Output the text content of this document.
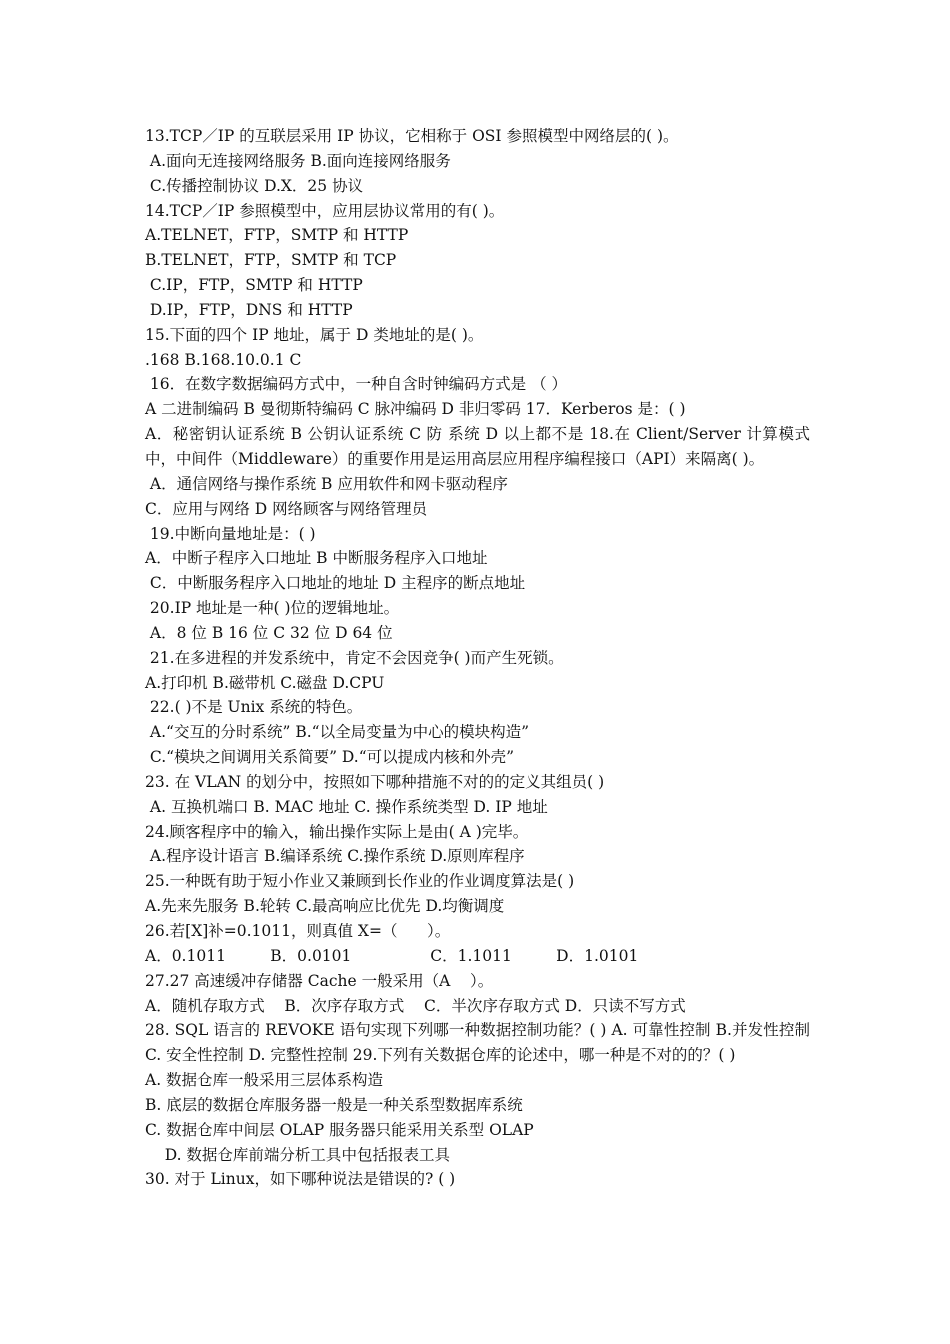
13.TCP／IP 的互联层采用 IP 协议，它相称于 OSI 参照模型中网络层的( )。
A.面向无连接网络服务 B.面向连接网络服务
C.传播控制协议 D.X．25 协议
14.TCP／IP 参照模型中，应用层协议常用的有( )。
A.TELNET，FTP，SMTP 和 HTTP
B.TELNET，FTP，SMTP 和 TCP
C.IP，FTP，SMTP 和 HTTP
D.IP，FTP，DNS 和 HTTP
15.下面的四个 IP 地址，属于 D 类地址的是( )。
.168 B.168.10.0.1 C
16．在数字数据编码方式中，一种自含时钟编码方式是 （ ）
A 二进制编码 B 曼彻斯特编码 C 脉冲编码 D 非归零码 17．Kerberos 是：( )
A．秘密钥认证系统 B 公钥认证系统 C 防 系统 D 以上都不是 18.在 Client/Server 计算模式中，中间件（Middleware）的重要作用是运用高层应用程序编程接口（API）来隔离( )。
A．通信网络与操作系统 B 应用软件和网卡驱动程序
C．应用与网络 D 网络顾客与网络管理员
19.中断向量地址是：( )
A．中断子程序入口地址 B 中断服务程序入口地址
C．中断服务程序入口地址的地址 D 主程序的断点地址
20.IP 地址是一种( )位的逻辑地址。
A．8 位 B 16 位 C 32 位 D 64 位
21.在多进程的并发系统中，肯定不会因竞争( )而产生死锁。
A.打印机 B.磁带机 C.磁盘 D.CPU
22.( )不是 Unix 系统的特色。
A.“交互的分时系统” B.“以全局变量为中心的模块构造”
C.“模块之间调用关系简要” D.“可以提成内核和外壳”
23. 在 VLAN 的划分中，按照如下哪种措施不对的的定义其组员( )
A. 互换机端口 B. MAC 地址 C. 操作系统类型 D. IP 地址
24.顾客程序中的输入，输出操作实际上是由( A )完毕。
A.程序设计语言 B.编译系统 C.操作系统 D.原则库程序
25.一种既有助于短小作业又兼顾到长作业的作业调度算法是( )
A.先来先服务 B.轮转 C.最高响应比优先 D.均衡调度
26.若[X]补=0.1011，则真值 X=（      ）。
A．0.1011         B．0.0101                C．1.1011         D．1.0101
27.27 高速缓冲存储器 Cache 一般采用（A    ）。
A．随机存取方式    B．次序存取方式    C．半次序存取方式 D．只读不写方式
28. SQL 语言的 REVOKE 语句实现下列哪一种数据控制功能？( ) A. 可靠性控制 B.并发性控制 C. 安全性控制 D. 完整性控制 29.下列有关数据仓库的论述中，哪一种是不对的的？( )
A. 数据仓库一般采用三层体系构造
B. 底层的数据仓库服务器一般是一种关系型数据库系统
C. 数据仓库中间层 OLAP 服务器只能采用关系型 OLAP
D. 数据仓库前端分析工具中包括报表工具
30. 对于 Linux，如下哪种说法是错误的? ( )
